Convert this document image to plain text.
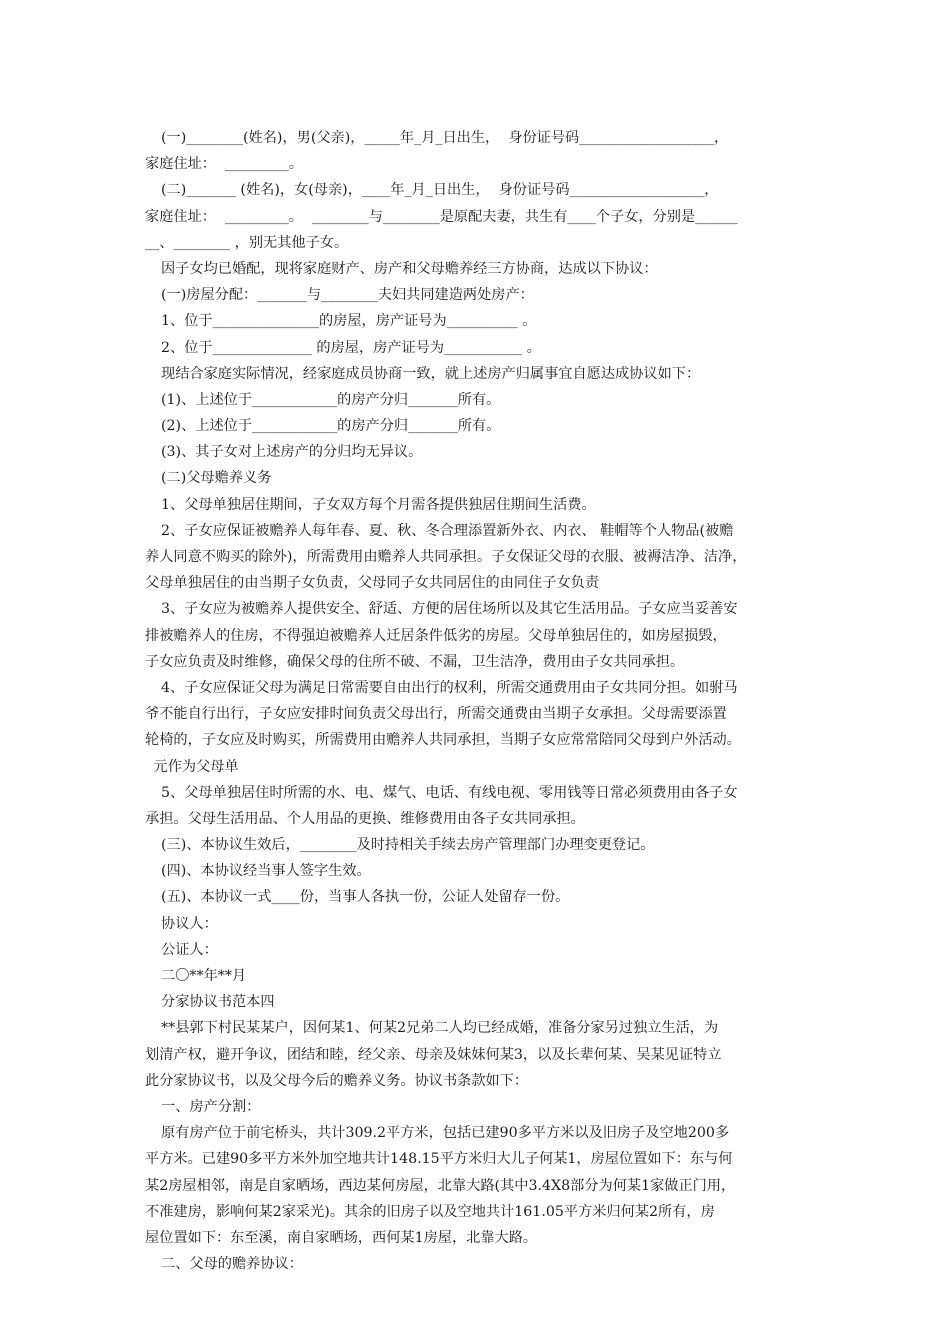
(一)________(姓名)，男(父亲)，_____年_月_日出生，  身份证号码___________________，
家庭住址：  _________。
(二)_______ (姓名)，女(母亲)，____年_月_日出生，  身份证号码___________________，
家庭住址：  _________。  ________与________是原配夫妻，共生有____个子女，分别是______
__、________ ，别无其他子女。
因子女均已婚配，现将家庭财产、房产和父母赡养经三方协商，达成以下协议：
(一)房屋分配：_______与________夫妇共同建造两处房产：
1、位于_______________的房屋，房产证号为__________ 。
2、位于______________ 的房屋，房产证号为___________ 。
现结合家庭实际情况，经家庭成员协商一致，就上述房产归属事宜自愿达成协议如下：
(1)、上述位于____________的房产分归_______所有。
(2)、上述位于____________的房产分归_______所有。
(3)、其子女对上述房产的分归均无异议。
(二)父母赡养义务
1、父母单独居住期间，子女双方每个月需各提供独居住期间生活费。
2、子女应保证被赡养人每年春、夏、秋、冬合理添置新外衣、内衣、 鞋帽等个人物品(被赡
养人同意不购买的除外)，所需费用由赡养人共同承担。子女保证父母的衣服、被褥洁净、洁净，
父母单独居住的由当期子女负责，父母同子女共同居住的由同住子女负责
3、子女应为被赡养人提供安全、舒适、方便的居住场所以及其它生活用品。子女应当妥善安
排被赡养人的住房，不得强迫被赡养人迁居条件低劣的房屋。父母单独居住的，如房屋损毁，
子女应负责及时维修，确保父母的住所不破、不漏，卫生洁净，费用由子女共同承担。
4、子女应保证父母为满足日常需要自由出行的权利，所需交通费用由子女共同分担。如驸马
爷不能自行出行，子女应安排时间负责父母出行，所需交通费由当期子女承担。父母需要添置
轮椅的，子女应及时购买，所需费用由赡养人共同承担，当期子女应常常陪同父母到户外活动。
元作为父母单
5、父母单独居住时所需的水、电、煤气、电话、有线电视、零用钱等日常必须费用由各子女
承担。父母生活用品、个人用品的更换、维修费用由各子女共同承担。
(三)、本协议生效后，________及时持相关手续去房产管理部门办理变更登记。
(四)、本协议经当事人签字生效。
(五)、本协议一式____份，当事人各执一份，公证人处留存一份。
协议人：
公证人：
二〇**年**月
分家协议书范本四
**县郭下村民某某户，因何某1、何某2兄弟二人均已经成婚，准备分家另过独立生活，为
划清产权，避开争议，团结和睦，经父亲、母亲及妹妹何某3，以及长辈何某、吴某见证特立
此分家协议书，以及父母今后的赡养义务。协议书条款如下：
一、房产分割：
原有房产位于前宅桥头，共计309.2平方米，包括已建90多平方米以及旧房子及空地200多
平方米。已建90多平方米外加空地共计148.15平方米归大儿子何某1，房屋位置如下：东与何
某2房屋相邻，南是自家晒场，西边某何房屋，北靠大路(其中3.4X8部分为何某1家做正门用，
不准建房，影响何某2家采光)。其余的旧房子以及空地共计161.05平方米归何某2所有，房
屋位置如下：东至溪，南自家晒场，西何某1房屋，北靠大路。
二、父母的赡养协议：
